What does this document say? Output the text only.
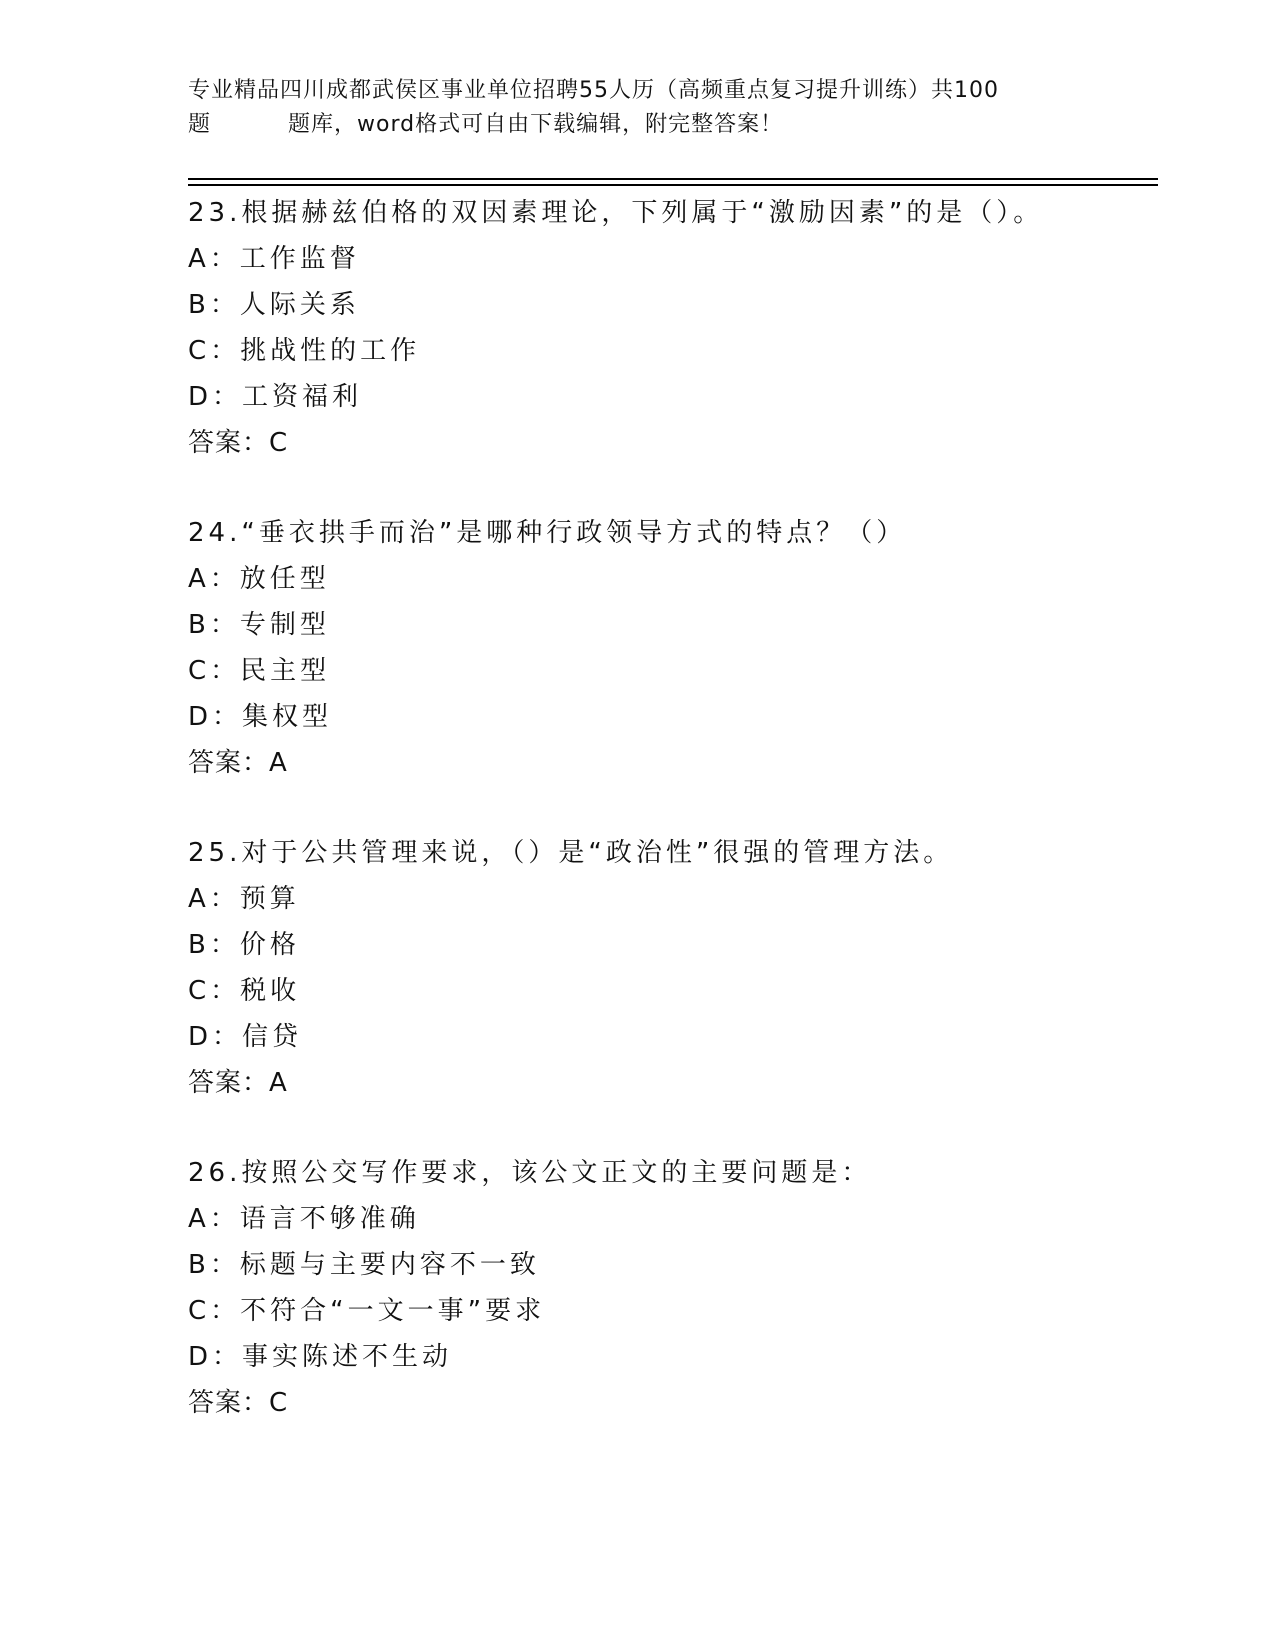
专业精品四川成都武侯区事业单位招聘55人历（高频重点复习提升训练）共100
题	题库，word格式可自由下载编辑，附完整答案！
23.根据赫兹伯格的双因素理论，下列属于“激励因素”的是（）。
A：工作监督
B：人际关系
C：挑战性的工作
D：工资福利
答案：C
24.“垂衣拱手而治”是哪种行政领导方式的特点？（）
A：放任型
B：专制型
C：民主型
D：集权型
答案：A
25.对于公共管理来说，（）是“政治性”很强的管理方法。
A：预算
B：价格
C：税收
D：信贷
答案：A
26.按照公交写作要求，该公文正文的主要问题是：
A：语言不够准确
B：标题与主要内容不一致
C：不符合“一文一事”要求
D：事实陈述不生动
答案：C
